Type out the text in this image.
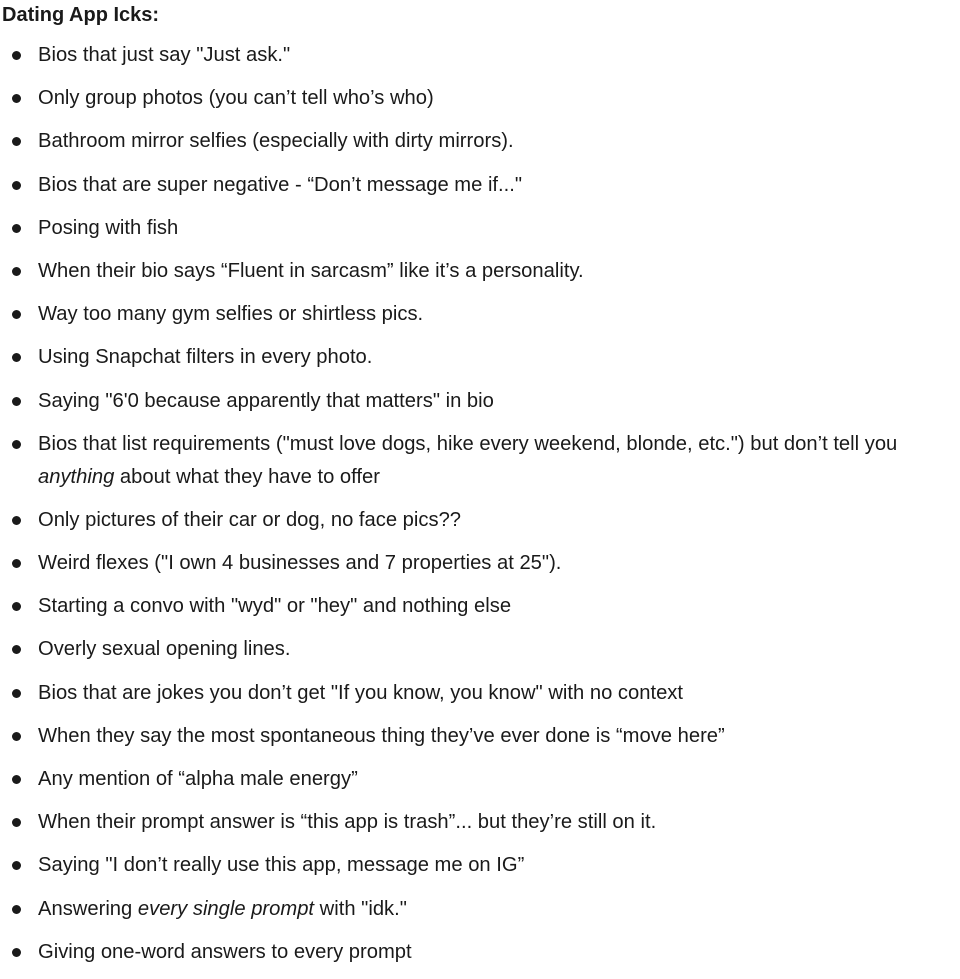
Dating App Icks:
Bios that just say "Just ask."
Only group photos (you can’t tell who’s who)
Bathroom mirror selfies (especially with dirty mirrors).
Bios that are super negative - “Don’t message me if..."
Posing with fish
When their bio says “Fluent in sarcasm” like it’s a personality.
Way too many gym selfies or shirtless pics.
Using Snapchat filters in every photo.
Saying "6'0 because apparently that matters" in bio
Bios that list requirements ("must love dogs, hike every weekend, blonde, etc.") but don’t tell you anything about what they have to offer
Only pictures of their car or dog, no face pics??
Weird flexes ("I own 4 businesses and 7 properties at 25").
Starting a convo with "wyd" or "hey" and nothing else
Overly sexual opening lines.
Bios that are jokes you don’t get "If you know, you know" with no context
When they say the most spontaneous thing they’ve ever done is “move here”
Any mention of “alpha male energy”
When their prompt answer is “this app is trash”... but they’re still on it.
Saying "I don’t really use this app, message me on IG”
Answering every single prompt with "idk."
Giving one-word answers to every prompt
